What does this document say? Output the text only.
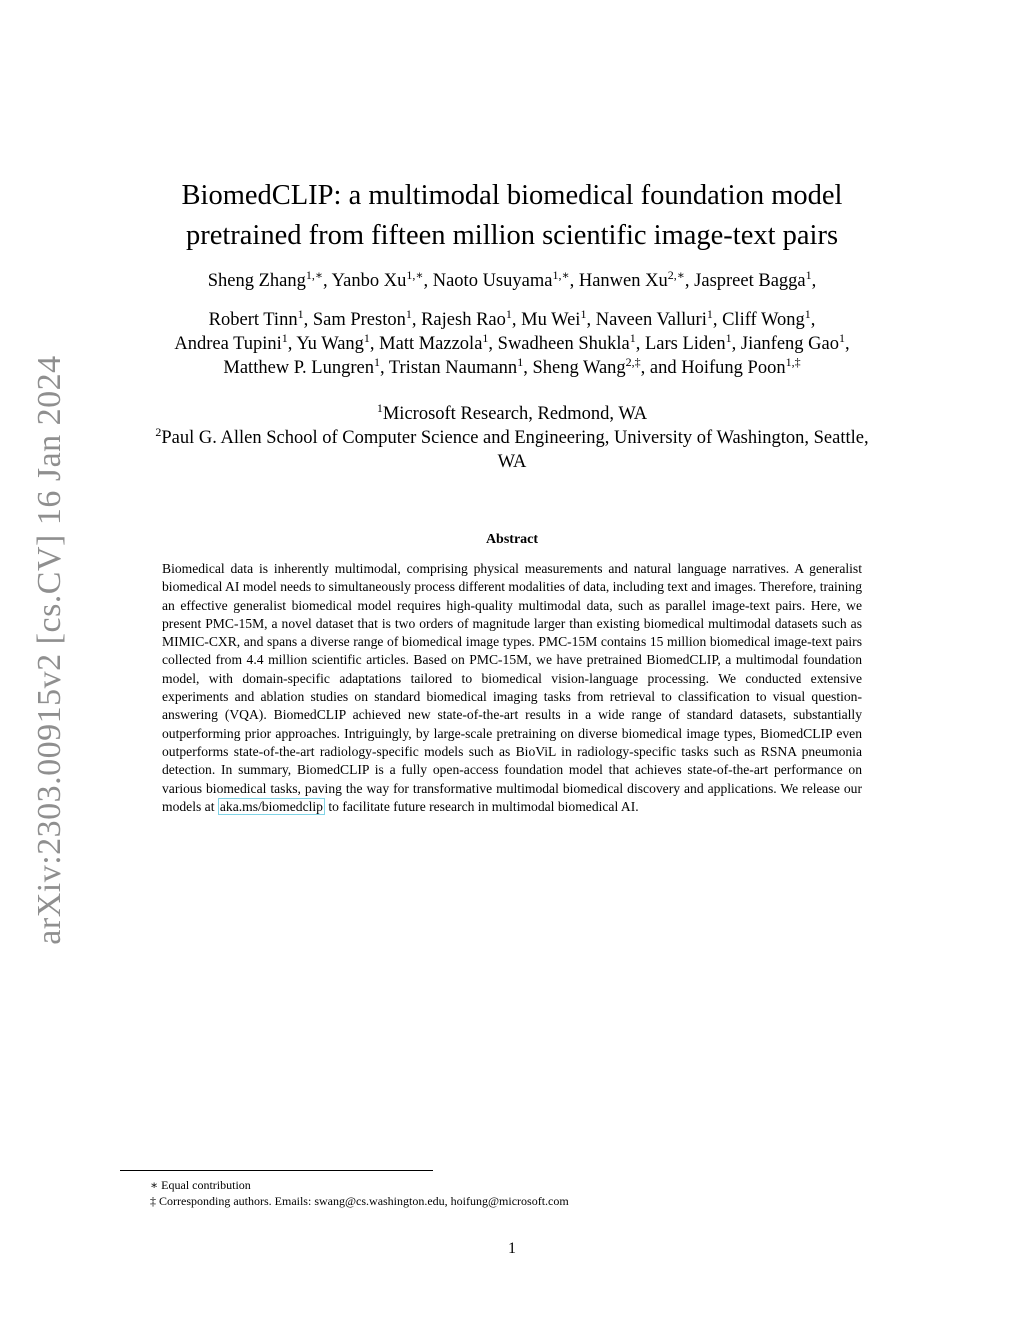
arXiv:2303.00915v2 [cs.CV] 16 Jan 2024
BiomedCLIP: a multimodal biomedical foundation model
pretrained from fifteen million scientific image-text pairs
Sheng Zhang$^{1,∗}$, Yanbo $Xu^{1,∗}$, Naoto Usuyama$^{1,∗}$, Hanwen $Xu^{2,∗}$, Jaspreet Bagga$^1$,
Robert Tinn$^1$, Sam Preston$^1$, Rajesh Rao$^1$, Mu Wei$^1$, Naveen Valluri$^1$, Cliff Wong$^1$,
Andrea Tupini$^1$, Yu Wang$^1$, Matt Mazzola$^1$, Swadheen Shukla$^1$, Lars Liden$^1$, Jianfeng Gao$^1$,
Matthew P. Lungren$^1$, Tristan Naumann$^1$, Sheng Wang$^{2,\ddagger}$, and Hoifung Poon$^{1,\ddagger}$
$^1$Microsoft Research, Redmond, WA
$^2$Paul G. Allen School of Computer Science and Engineering, University of Washington, Seattle,
WA
Abstract
Biomedical data is inherently multimodal, comprising physical measurements and natural language narratives. A generalist biomedical AI model needs to simultaneously process different modalities of data, including text and images. Therefore, training an effective generalist biomedical model requires high-quality multimodal data, such as parallel image-text pairs. Here, we present PMC-15M, a novel dataset that is two orders of magnitude larger than existing biomedical multimodal datasets such as MIMIC-CXR, and spans a diverse range of biomedical image types. PMC-15M contains 15 million biomedical image-text pairs collected from 4.4 million scientific articles. Based on PMC-15M, we have pretrained BiomedCLIP, a multimodal foundation model, with domain-specific adaptations tailored to biomedical vision-language processing. We conducted extensive experiments and ablation studies on standard biomedical imaging tasks from retrieval to classification to visual question-answering (VQA). BiomedCLIP achieved new state-of-the-art results in a wide range of standard datasets, substantially outperforming prior approaches. Intriguingly, by large-scale pretraining on diverse biomedical image types, BiomedCLIP even outperforms state-of-the-art radiology-specific models such as BioViL in radiology-specific tasks such as RSNA pneumonia detection. In summary, BiomedCLIP is a fully open-access foundation model that achieves state-of-the-art performance on various biomedical tasks, paving the way for transformative multimodal biomedical discovery and applications. We release our models at aka.ms/biomedclip to facilitate future research in multimodal biomedical AI.
∗ Equal contribution
‡ Corresponding authors. Emails: swang@cs.washington.edu, hoifung@microsoft.com
1
